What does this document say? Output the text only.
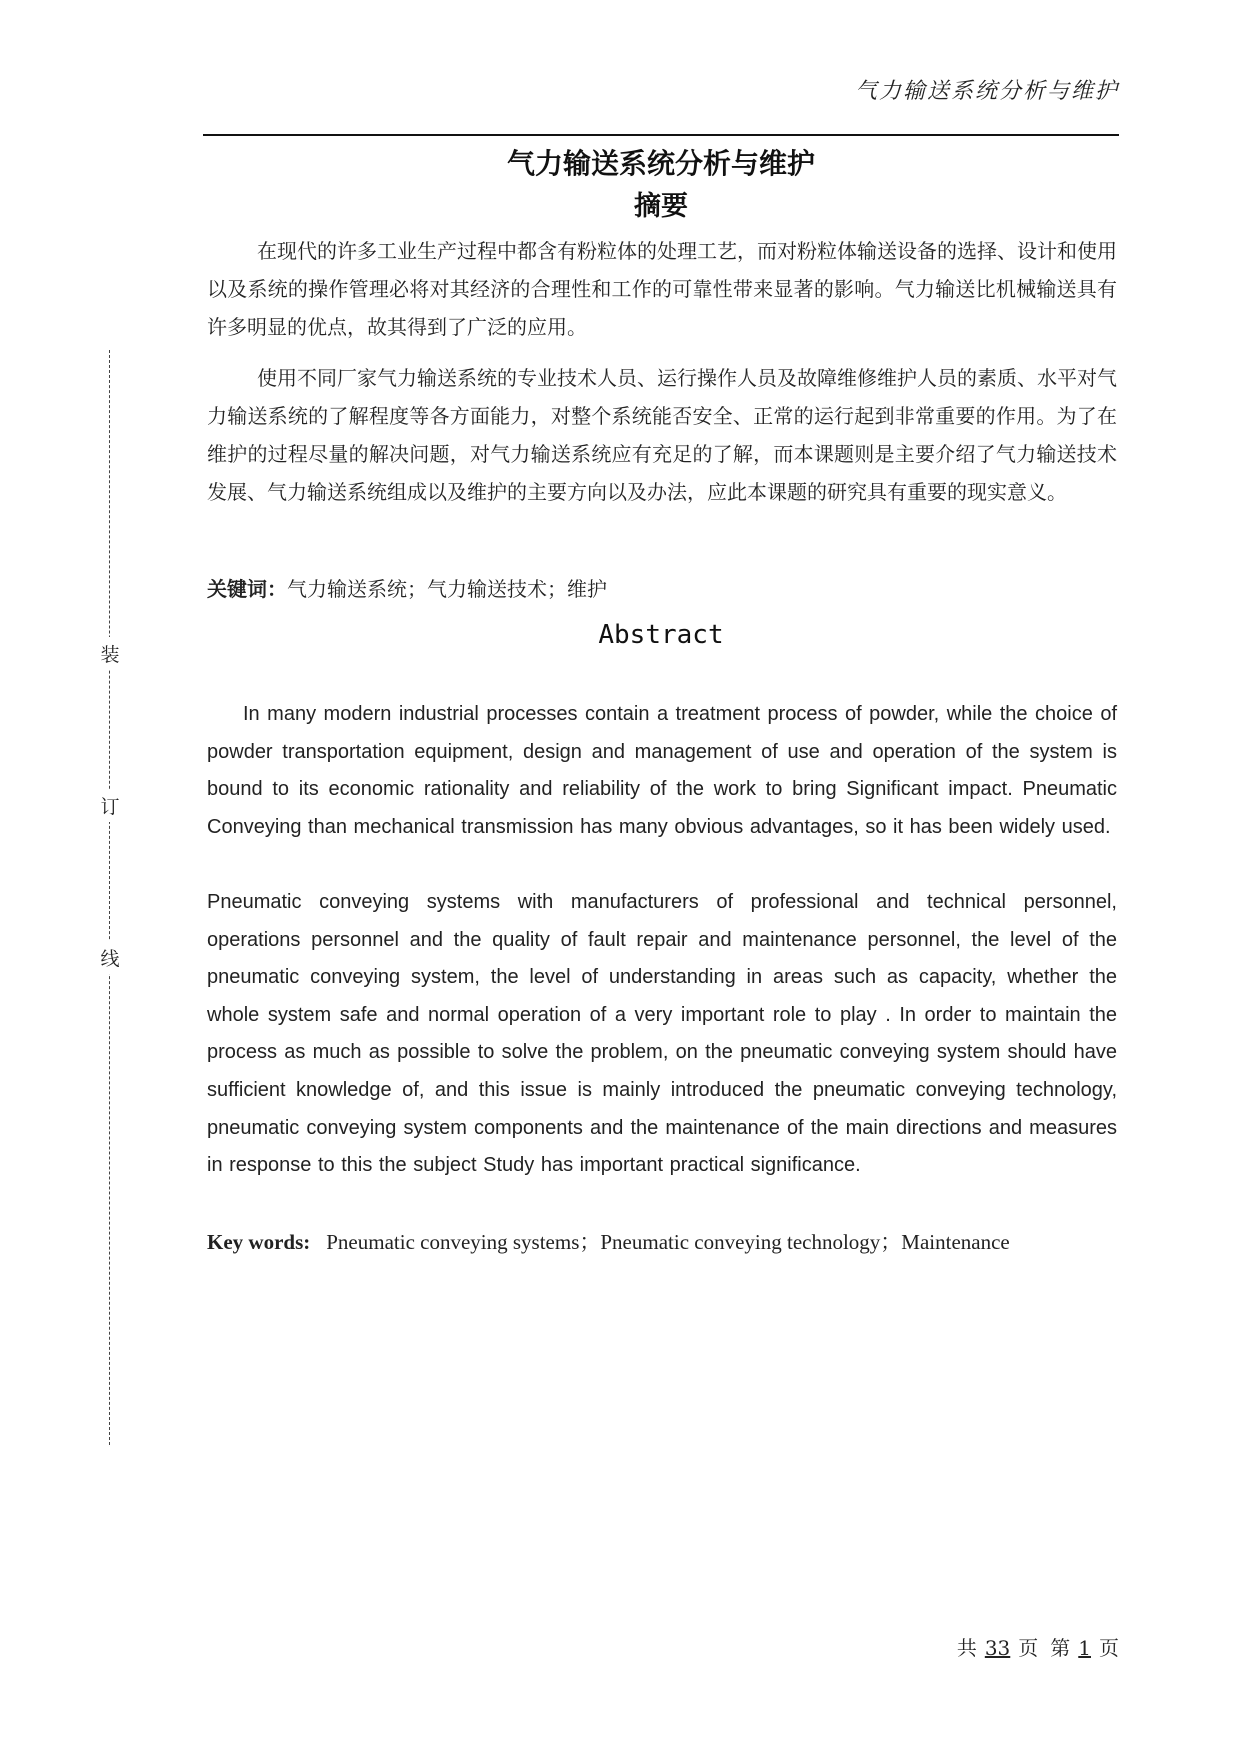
气力输送系统分析与维护
装
订
线
气力输送系统分析与维护
摘要

在现代的许多工业生产过程中都含有粉粒体的处理工艺，而对粉粒体输送设备的选择、设计和使用以及系统的操作管理必将对其经济的合理性和工作的可靠性带来显著的影响。气力输送比机械输送具有许多明显的优点，故其得到了广泛的应用。

使用不同厂家气力输送系统的专业技术人员、运行操作人员及故障维修维护人员的素质、水平对气力输送系统的了解程度等各方面能力，对整个系统能否安全、正常的运行起到非常重要的作用。为了在维护的过程尽量的解决问题，对气力输送系统应有充足的了解，而本课题则是主要介绍了气力输送技术发展、气力输送系统组成以及维护的主要方向以及办法，应此本课题的研究具有重要的现实意义。

关键词：气力输送系统；气力输送技术；维护
Abstract

In many modern industrial processes contain a treatment process of powder, while the choice of powder transportation equipment, design and management of use and operation of the system is bound to its economic rationality and reliability of the work to bring Significant impact. Pneumatic Conveying than mechanical transmission has many obvious advantages, so it has been widely used.

Pneumatic conveying systems with manufacturers of professional and technical personnel, operations personnel and the quality of fault repair and maintenance personnel, the level of the pneumatic conveying system, the level of understanding in areas such as capacity, whether the whole system safe and normal operation of a very important role to play . In order to maintain the process as much as possible to solve the problem, on the pneumatic conveying system should have sufficient knowledge of, and this issue is mainly introduced the pneumatic conveying technology, pneumatic conveying system components and the maintenance of the main directions and measures in response to this the subject Study has important practical significance.

Key words: Pneumatic conveying systems；Pneumatic conveying technology；Maintenance
共 33 页 第 1 页
